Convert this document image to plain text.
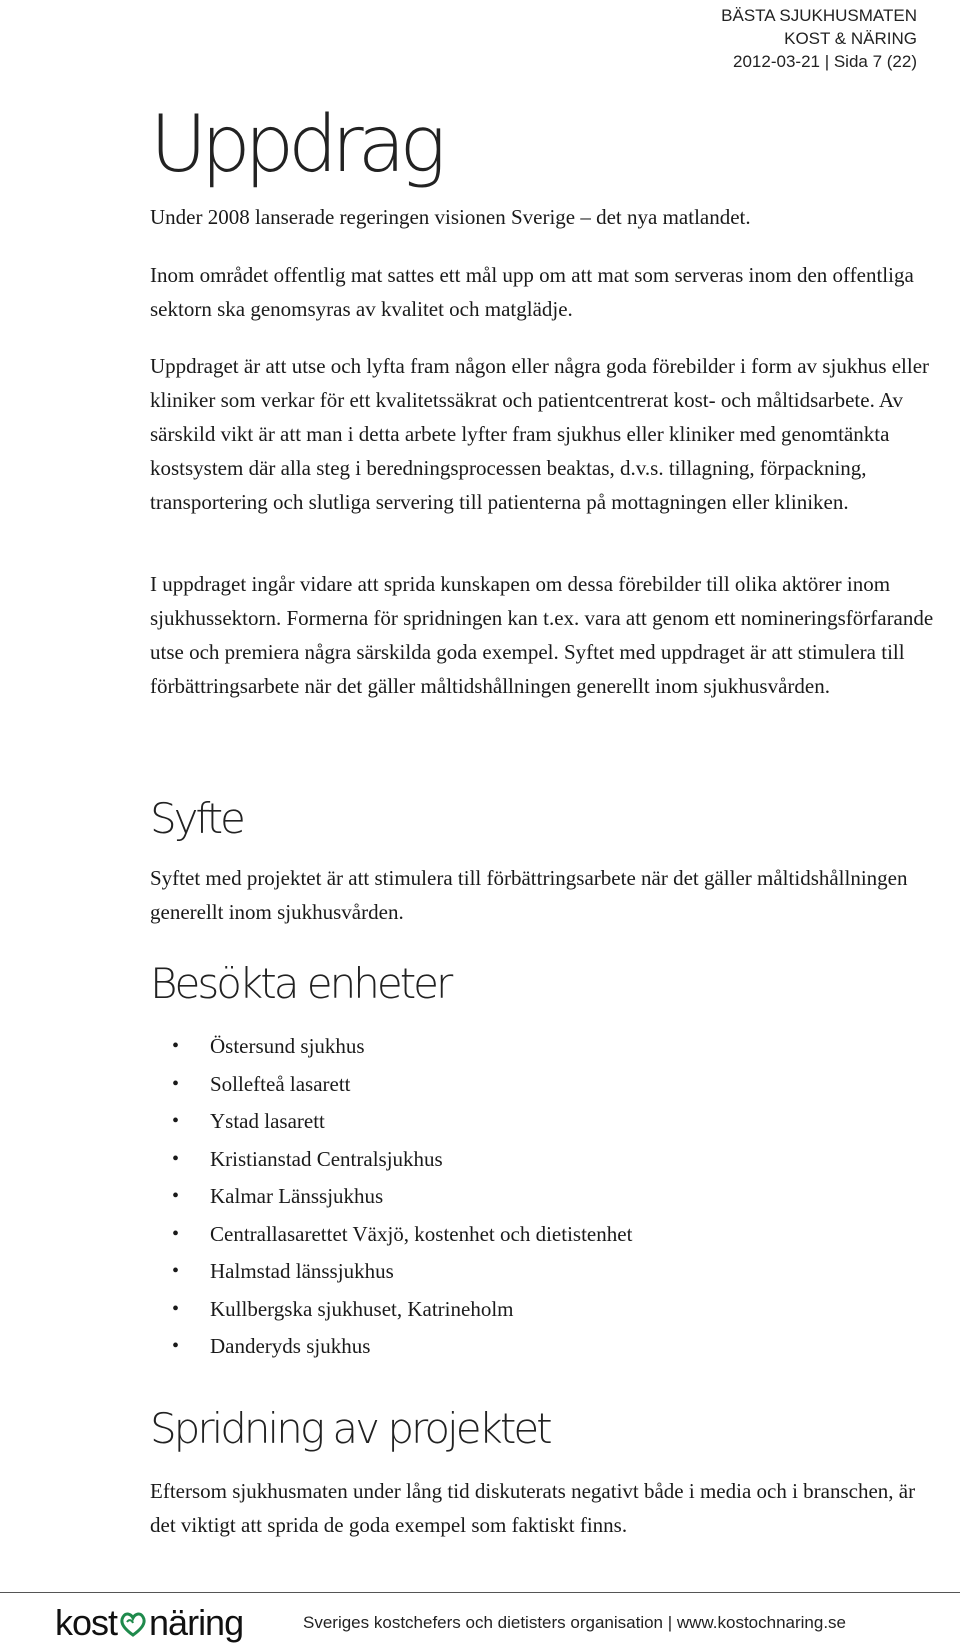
BÄSTA SJUKHUSMATEN
KOST & NÄRING
2012-03-21 | Sida 7 (22)
Uppdrag

Under 2008 lanserade regeringen visionen Sverige – det nya matlandet.

Inom området offentlig mat sattes ett mål upp om att mat som serveras inom den offentliga sektorn ska genomsyras av kvalitet och matglädje.

Uppdraget är att utse och lyfta fram någon eller några goda förebilder i form av sjukhus eller kliniker som verkar för ett kvalitetssäkrat och patientcentrerat kost- och måltidsarbete. Av särskild vikt är att man i detta arbete lyfter fram sjukhus eller kliniker med genomtänkta kostsystem där alla steg i beredningsprocessen beaktas, d.v.s. tillagning, förpackning, transportering och slutliga servering till patienterna på mottagningen eller kliniken.

I uppdraget ingår vidare att sprida kunskapen om dessa förebilder till olika aktörer inom sjukhussektorn. Formerna för spridningen kan t.ex. vara att genom ett nomineringsförfarande utse och premiera några särskilda goda exempel. Syftet med uppdraget är att stimulera till förbättringsarbete när det gäller måltidshållningen generellt inom sjukhusvården.

Syfte

Syftet med projektet är att stimulera till förbättringsarbete när det gäller måltidshållningen generellt inom sjukhusvården.

Besökta enheter
• Östersund sjukhus
• Sollefteå lasarett
• Ystad lasarett
• Kristianstad Centralsjukhus
• Kalmar Länssjukhus
• Centrallasarettet Växjö, kostenhet och dietistenhet
• Halmstad länssjukhus
• Kullbergska sjukhuset, Katrineholm
• Danderyds sjukhus
Spridning av projektet

Eftersom sjukhusmaten under lång tid diskuterats negativt både i media och i branschen, är det viktigt att sprida de goda exempel som faktiskt finns.

kost näring	Sveriges kostchefers och dietisters organisation | www.kostochnaring.se
